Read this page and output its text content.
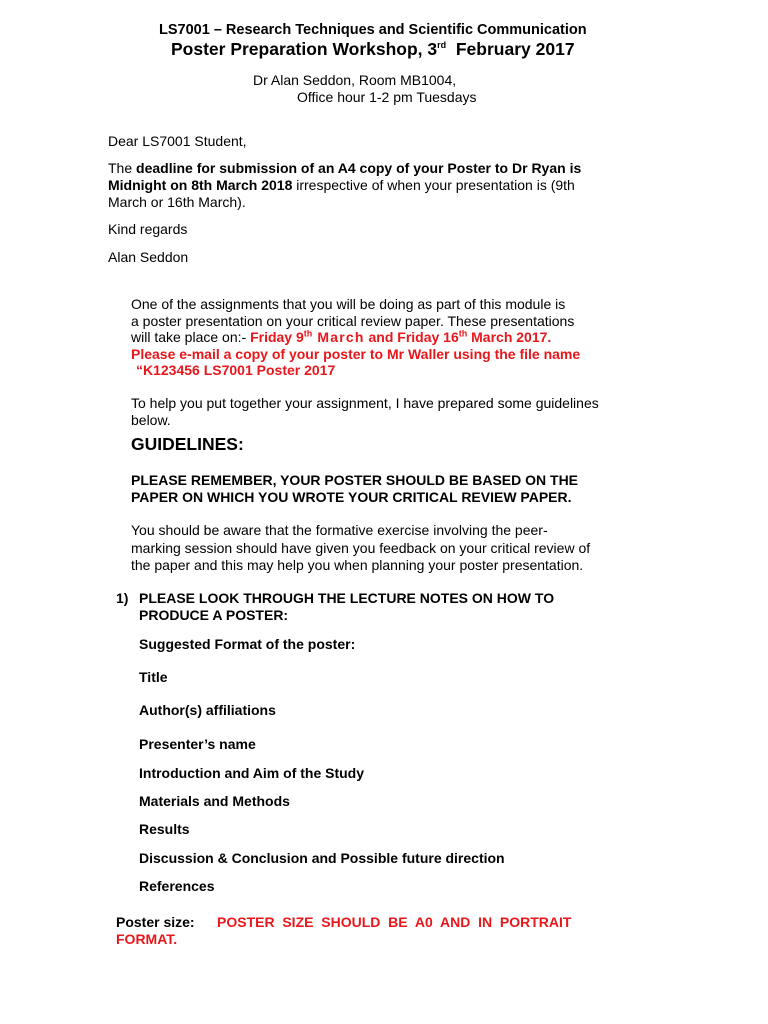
LS7001 – Research Techniques and Scientific Communication
Poster Preparation Workshop, 3rd  February 2017
Dr Alan Seddon, Room MB1004,
Office hour 1-2 pm Tuesdays
Dear LS7001 Student,
The deadline for submission of an A4 copy of your Poster to Dr Ryan is
Midnight on 8th March 2018 irrespective of when your presentation is (9th
March or 16th March).
Kind regards
Alan Seddon
One of the assignments that you will be doing as part of this module is
a poster presentation on your critical review paper. These presentations
will take place on:- Friday 9th March and Friday 16th March 2017.
Please e-mail a copy of your poster to Mr Waller using the file name
“K123456 LS7001 Poster 2017
To help you put together your assignment, I have prepared some guidelines
below.
GUIDELINES:
PLEASE REMEMBER, YOUR POSTER SHOULD BE BASED ON THE
PAPER ON WHICH YOU WROTE YOUR CRITICAL REVIEW PAPER.
You should be aware that the formative exercise involving the peer-
marking session should have given you feedback on your critical review of
the paper and this may help you when planning your poster presentation.
1) PLEASE LOOK THROUGH THE LECTURE NOTES ON HOW TO
PRODUCE A POSTER:
Suggested Format of the poster:
Title
Author(s) affiliations
Presenter’s name
Introduction and Aim of the Study
Materials and Methods
Results
Discussion & Conclusion and Possible future direction
References
Poster size: POSTER  SIZE  SHOULD  BE  A0  AND  IN  PORTRAIT
FORMAT.
